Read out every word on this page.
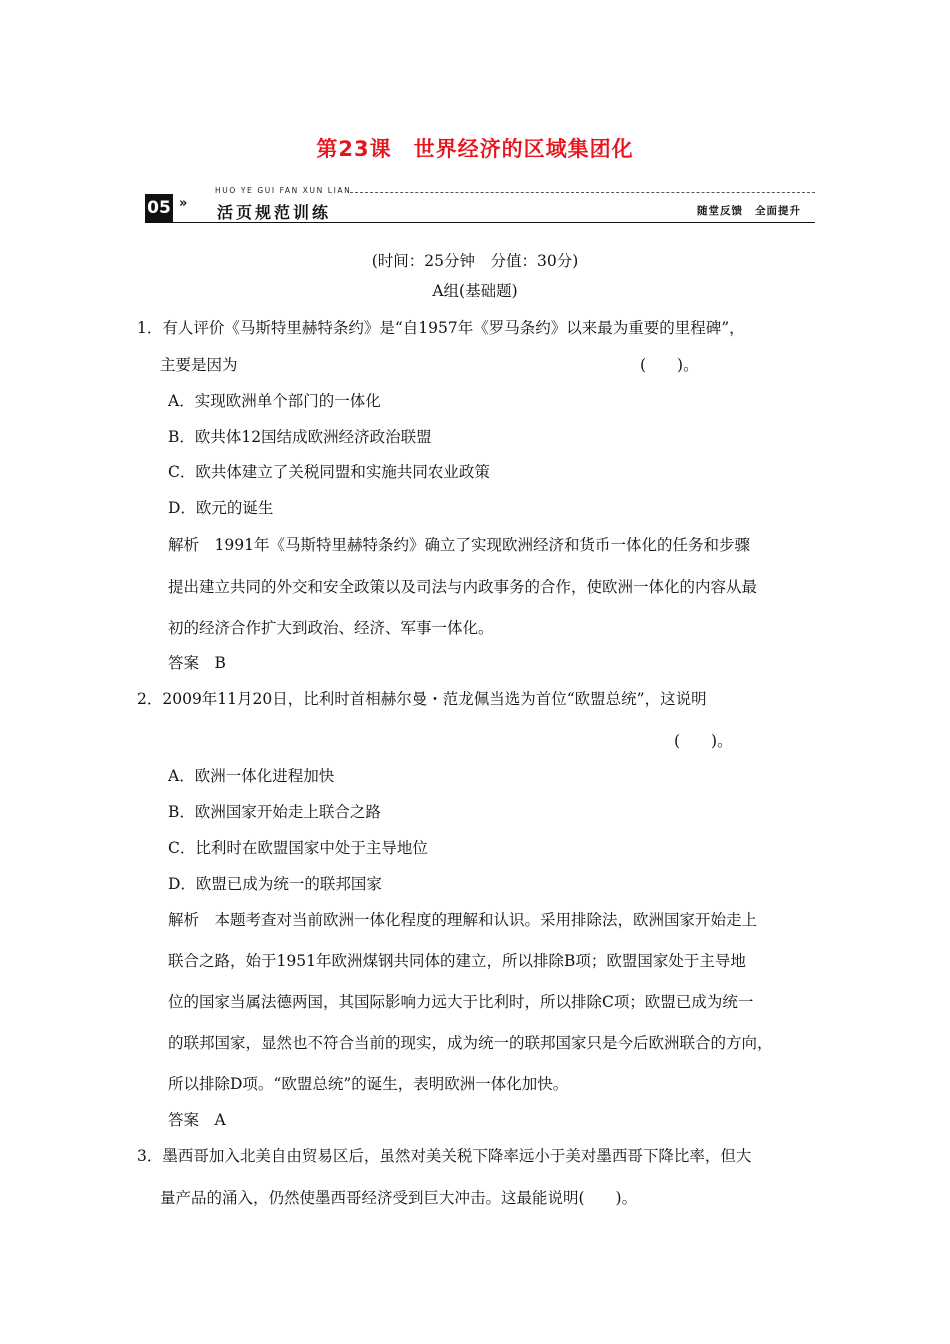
第23课　世界经济的区域集团化
05 »
HUO YE GUI FAN XUN LIAN
活页规范训练	随堂反馈 全面提升
(时间：25分钟　分值：30分)
A组(基础题)
1．有人评价《马斯特里赫特条约》是“自1957年《罗马条约》以来最为重要的里程碑”，
主要是因为	(　　)。
A．实现欧洲单个部门的一体化
B．欧共体12国结成欧洲经济政治联盟
C．欧共体建立了关税同盟和实施共同农业政策
D．欧元的诞生
解析　1991年《马斯特里赫特条约》确立了实现欧洲经济和货币一体化的任务和步骤
提出建立共同的外交和安全政策以及司法与内政事务的合作，使欧洲一体化的内容从最
初的经济合作扩大到政治、经济、军事一体化。
答案　B
2．2009年11月20日，比利时首相赫尔曼・范龙佩当选为首位“欧盟总统”，这说明
(　　)。
A．欧洲一体化进程加快
B．欧洲国家开始走上联合之路
C．比利时在欧盟国家中处于主导地位
D．欧盟已成为统一的联邦国家
解析　本题考查对当前欧洲一体化程度的理解和认识。采用排除法，欧洲国家开始走上
联合之路，始于1951年欧洲煤钢共同体的建立，所以排除B项；欧盟国家处于主导地
位的国家当属法德两国，其国际影响力远大于比利时，所以排除C项；欧盟已成为统一
的联邦国家，显然也不符合当前的现实，成为统一的联邦国家只是今后欧洲联合的方向，
所以排除D项。“欧盟总统”的诞生，表明欧洲一体化加快。
答案　A
3．墨西哥加入北美自由贸易区后，虽然对美关税下降率远小于美对墨西哥下降比率，但大
量产品的涌入，仍然使墨西哥经济受到巨大冲击。这最能说明(　　)。
